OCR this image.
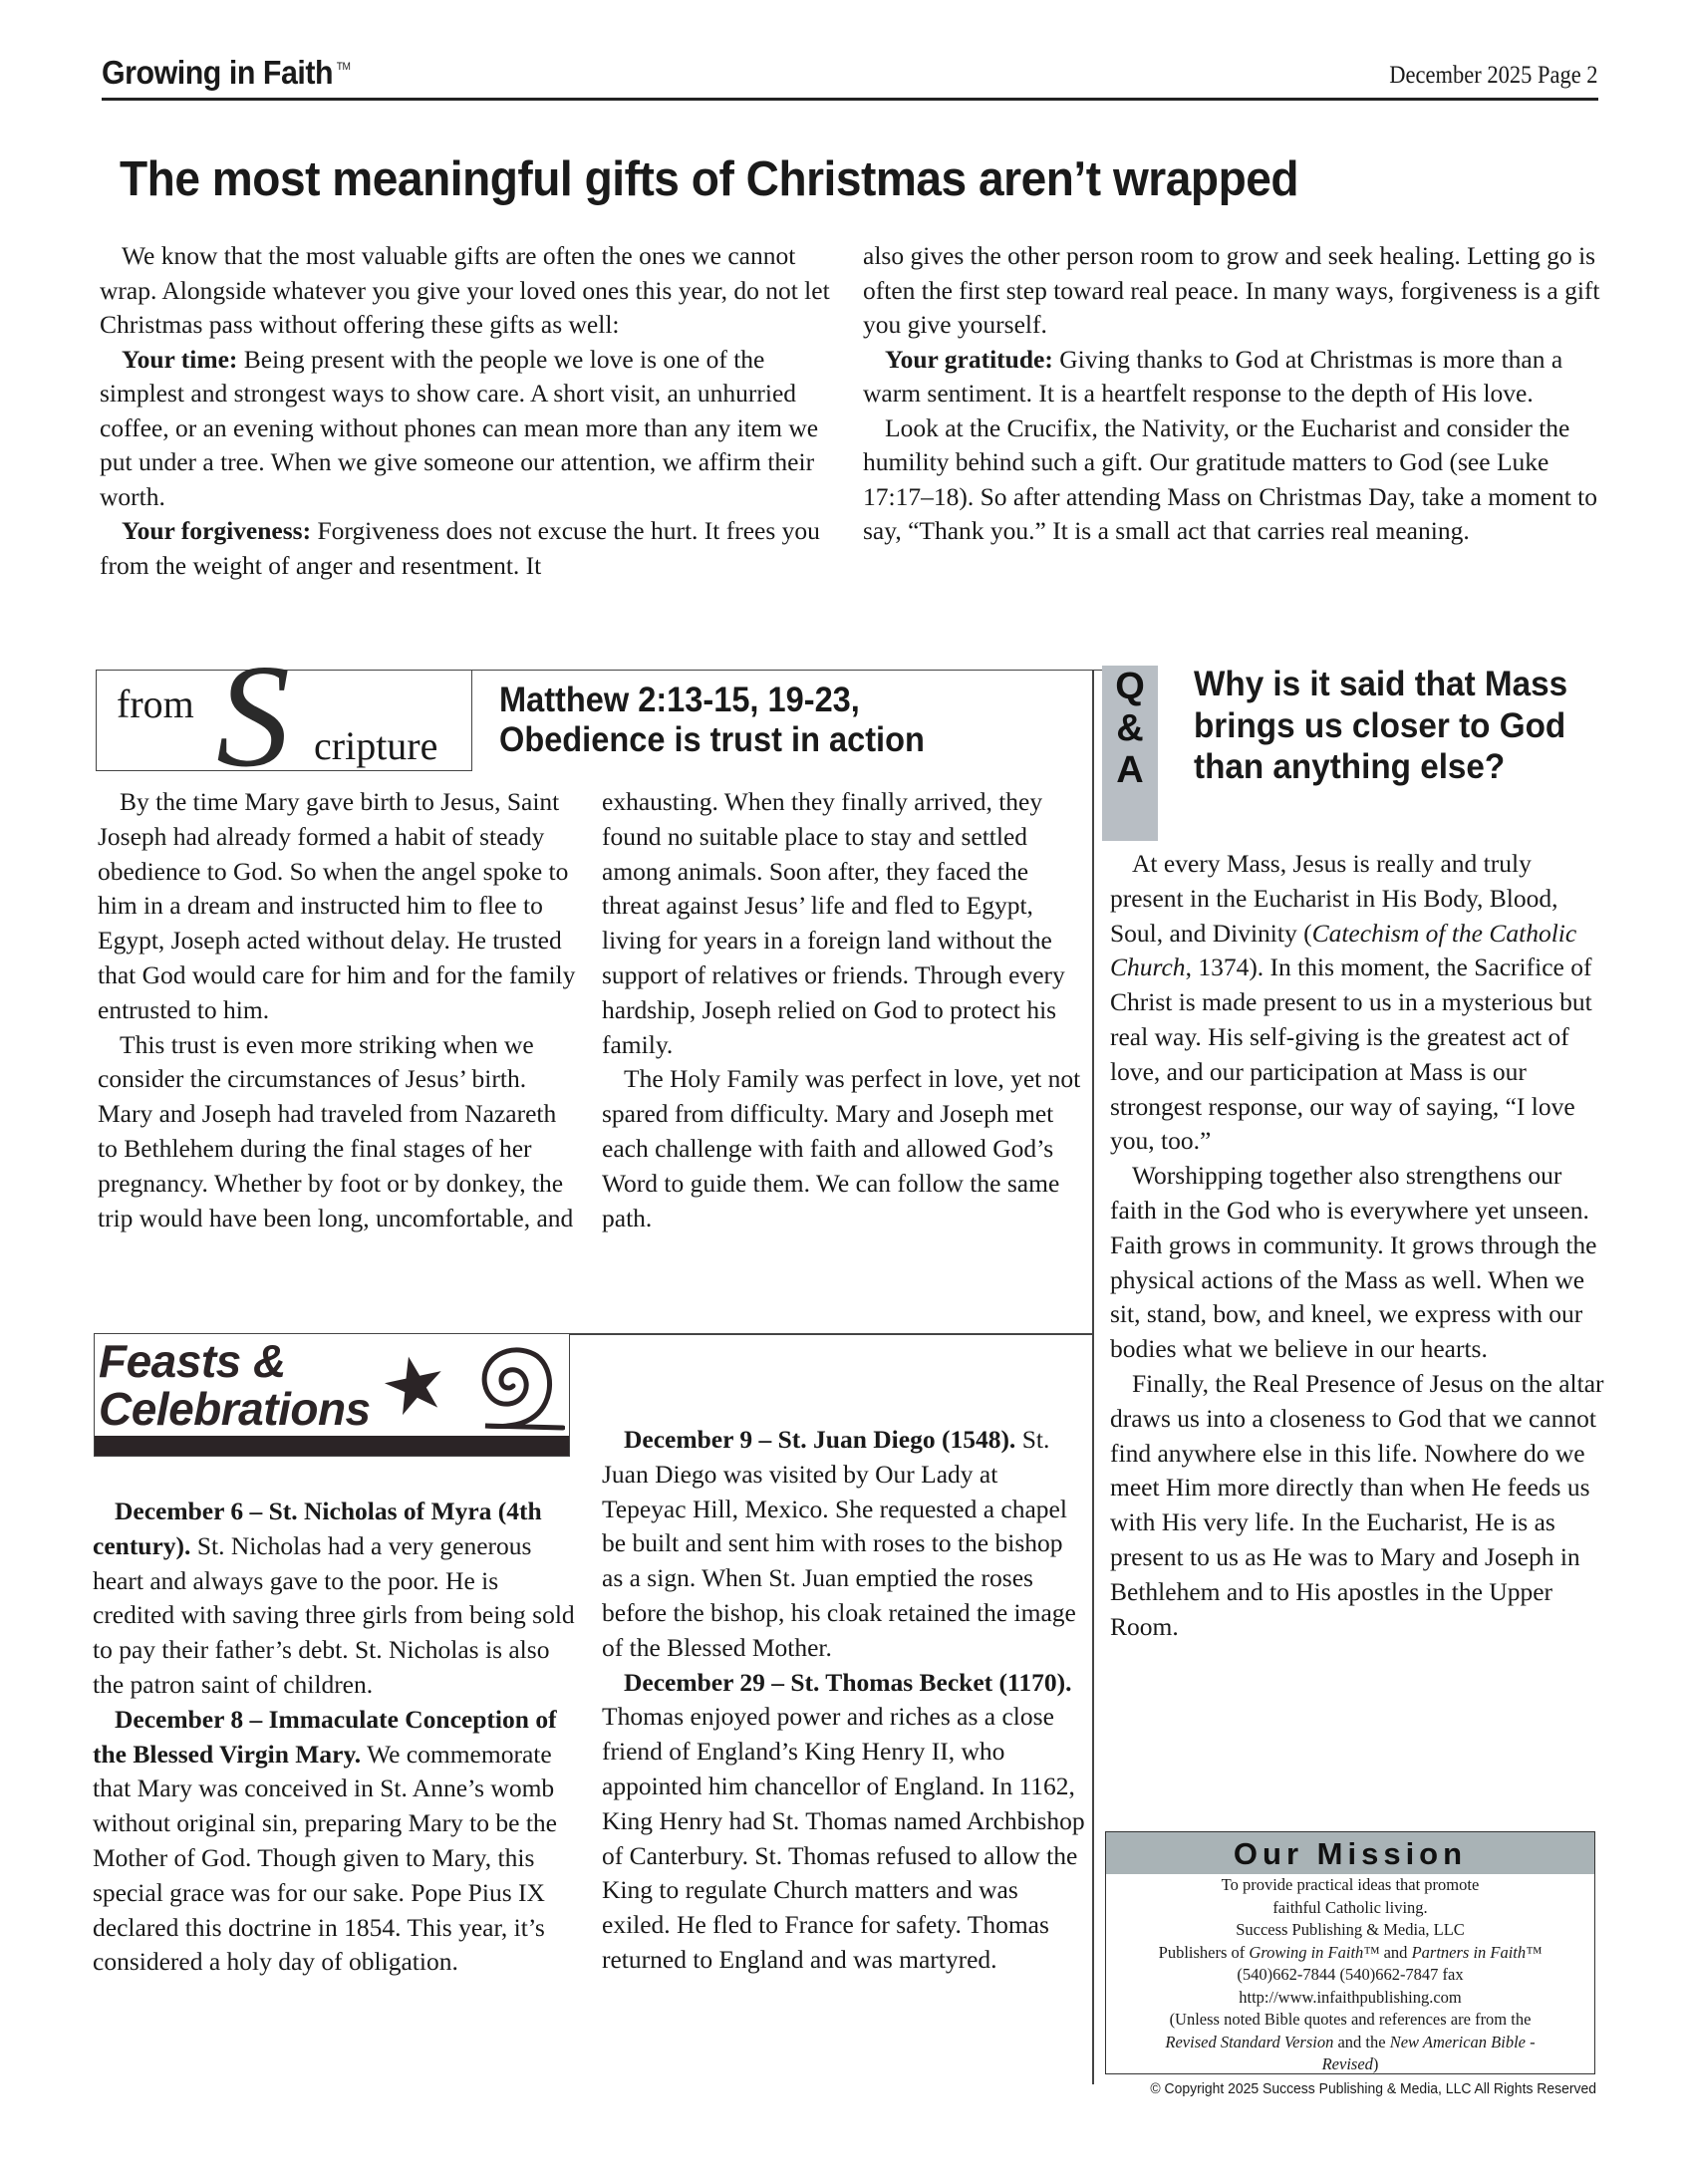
Growing in Faith ™	December 2025 Page 2
The most meaningful gifts of Christmas aren’t wrapped

We know that the most valuable gifts are often the ones we cannot wrap. Alongside whatever you give your loved ones this year, do not let Christmas pass without offering these gifts as well:

Your time: Being present with the people we love is one of the simplest and strongest ways to show care. A short visit, an unhurried coffee, or an evening without phones can mean more than any item we put under a tree. When we give someone our attention, we affirm their worth.

Your forgiveness: Forgiveness does not excuse the hurt. It frees you from the weight of anger and resentment. It

also gives the other person room to grow and seek healing. Letting go is often the first step toward real peace. In many ways, forgiveness is a gift you give yourself.

Your gratitude: Giving thanks to God at Christmas is more than a warm sentiment. It is a heartfelt response to the depth of His love.

Look at the Crucifix, the Nativity, or the Eucharist and consider the humility behind such a gift. Our gratitude matters to God (see Luke 17:17–18). So after attending Mass on Christmas Day, take a moment to say, “Thank you.” It is a small act that carries real meaning.

from S cripture
Matthew 2:13-15, 19-23,
Obedience is trust in action

By the time Mary gave birth to Jesus, Saint Joseph had already formed a habit of steady obedience to God. So when the angel spoke to him in a dream and instructed him to flee to Egypt, Joseph acted without delay. He trusted that God would care for him and for the family entrusted to him.

This trust is even more striking when we consider the circumstances of Jesus’ birth. Mary and Joseph had traveled from Nazareth to Bethlehem during the final stages of her pregnancy. Whether by foot or by donkey, the trip would have been long, uncomfortable, and

exhausting. When they finally arrived, they found no suitable place to stay and settled among animals. Soon after, they faced the threat against Jesus’ life and fled to Egypt, living for years in a foreign land without the support of relatives or friends. Through every hardship, Joseph relied on God to protect his family.

The Holy Family was perfect in love, yet not spared from difficulty. Mary and Joseph met each challenge with faith and allowed God’s Word to guide them. We can follow the same path.

Q
&
A
Why is it said that Mass brings us closer to God than anything else?

At every Mass, Jesus is really and truly present in the Eucharist in His Body, Blood, Soul, and Divinity (Catechism of the Catholic Church, 1374). In this moment, the Sacrifice of Christ is made present to us in a mysterious but real way. His self-giving is the greatest act of love, and our participation at Mass is our strongest response, our way of saying, “I love you, too.”

Worshipping together also strengthens our faith in the God who is everywhere yet unseen. Faith grows in community. It grows through the physical actions of the Mass as well. When we sit, stand, bow, and kneel, we express with our bodies what we believe in our hearts.

Finally, the Real Presence of Jesus on the altar draws us into a closeness to God that we cannot find anywhere else in this life. Nowhere do we meet Him more directly than when He feeds us with His very life. In the Eucharist, He is as present to us as He was to Mary and Joseph in Bethlehem and to His apostles in the Upper Room.

Feasts &
Celebrations

December 6 – St. Nicholas of Myra (4th century). St. Nicholas had a very generous heart and always gave to the poor. He is credited with saving three girls from being sold to pay their father’s debt. St. Nicholas is also the patron saint of children.

December 8 – Immaculate Conception of the Blessed Virgin Mary. We commemorate that Mary was conceived in St. Anne’s womb without original sin, preparing Mary to be the Mother of God. Though given to Mary, this special grace was for our sake. Pope Pius IX declared this doctrine in 1854. This year, it’s considered a holy day of obligation.

December 9 – St. Juan Diego (1548). St. Juan Diego was visited by Our Lady at Tepeyac Hill, Mexico. She requested a chapel be built and sent him with roses to the bishop as a sign. When St. Juan emptied the roses before the bishop, his cloak retained the image of the Blessed Mother.

December 29 – St. Thomas Becket (1170). Thomas enjoyed power and riches as a close friend of England’s King Henry II, who appointed him chancellor of England. In 1162, King Henry had St. Thomas named Archbishop of Canterbury. St. Thomas refused to allow the King to regulate Church matters and was exiled. He fled to France for safety. Thomas returned to England and was martyred.

Our Mission
To provide practical ideas that promote
faithful Catholic living.
Success Publishing & Media, LLC
Publishers of Growing in Faith™ and Partners in Faith™
(540)662-7844 (540)662-7847 fax
http://www.infaithpublishing.com
(Unless noted Bible quotes and references are from the
Revised Standard Version and the New American Bible -
Revised)
© Copyright 2025 Success Publishing & Media, LLC All Rights Reserved
